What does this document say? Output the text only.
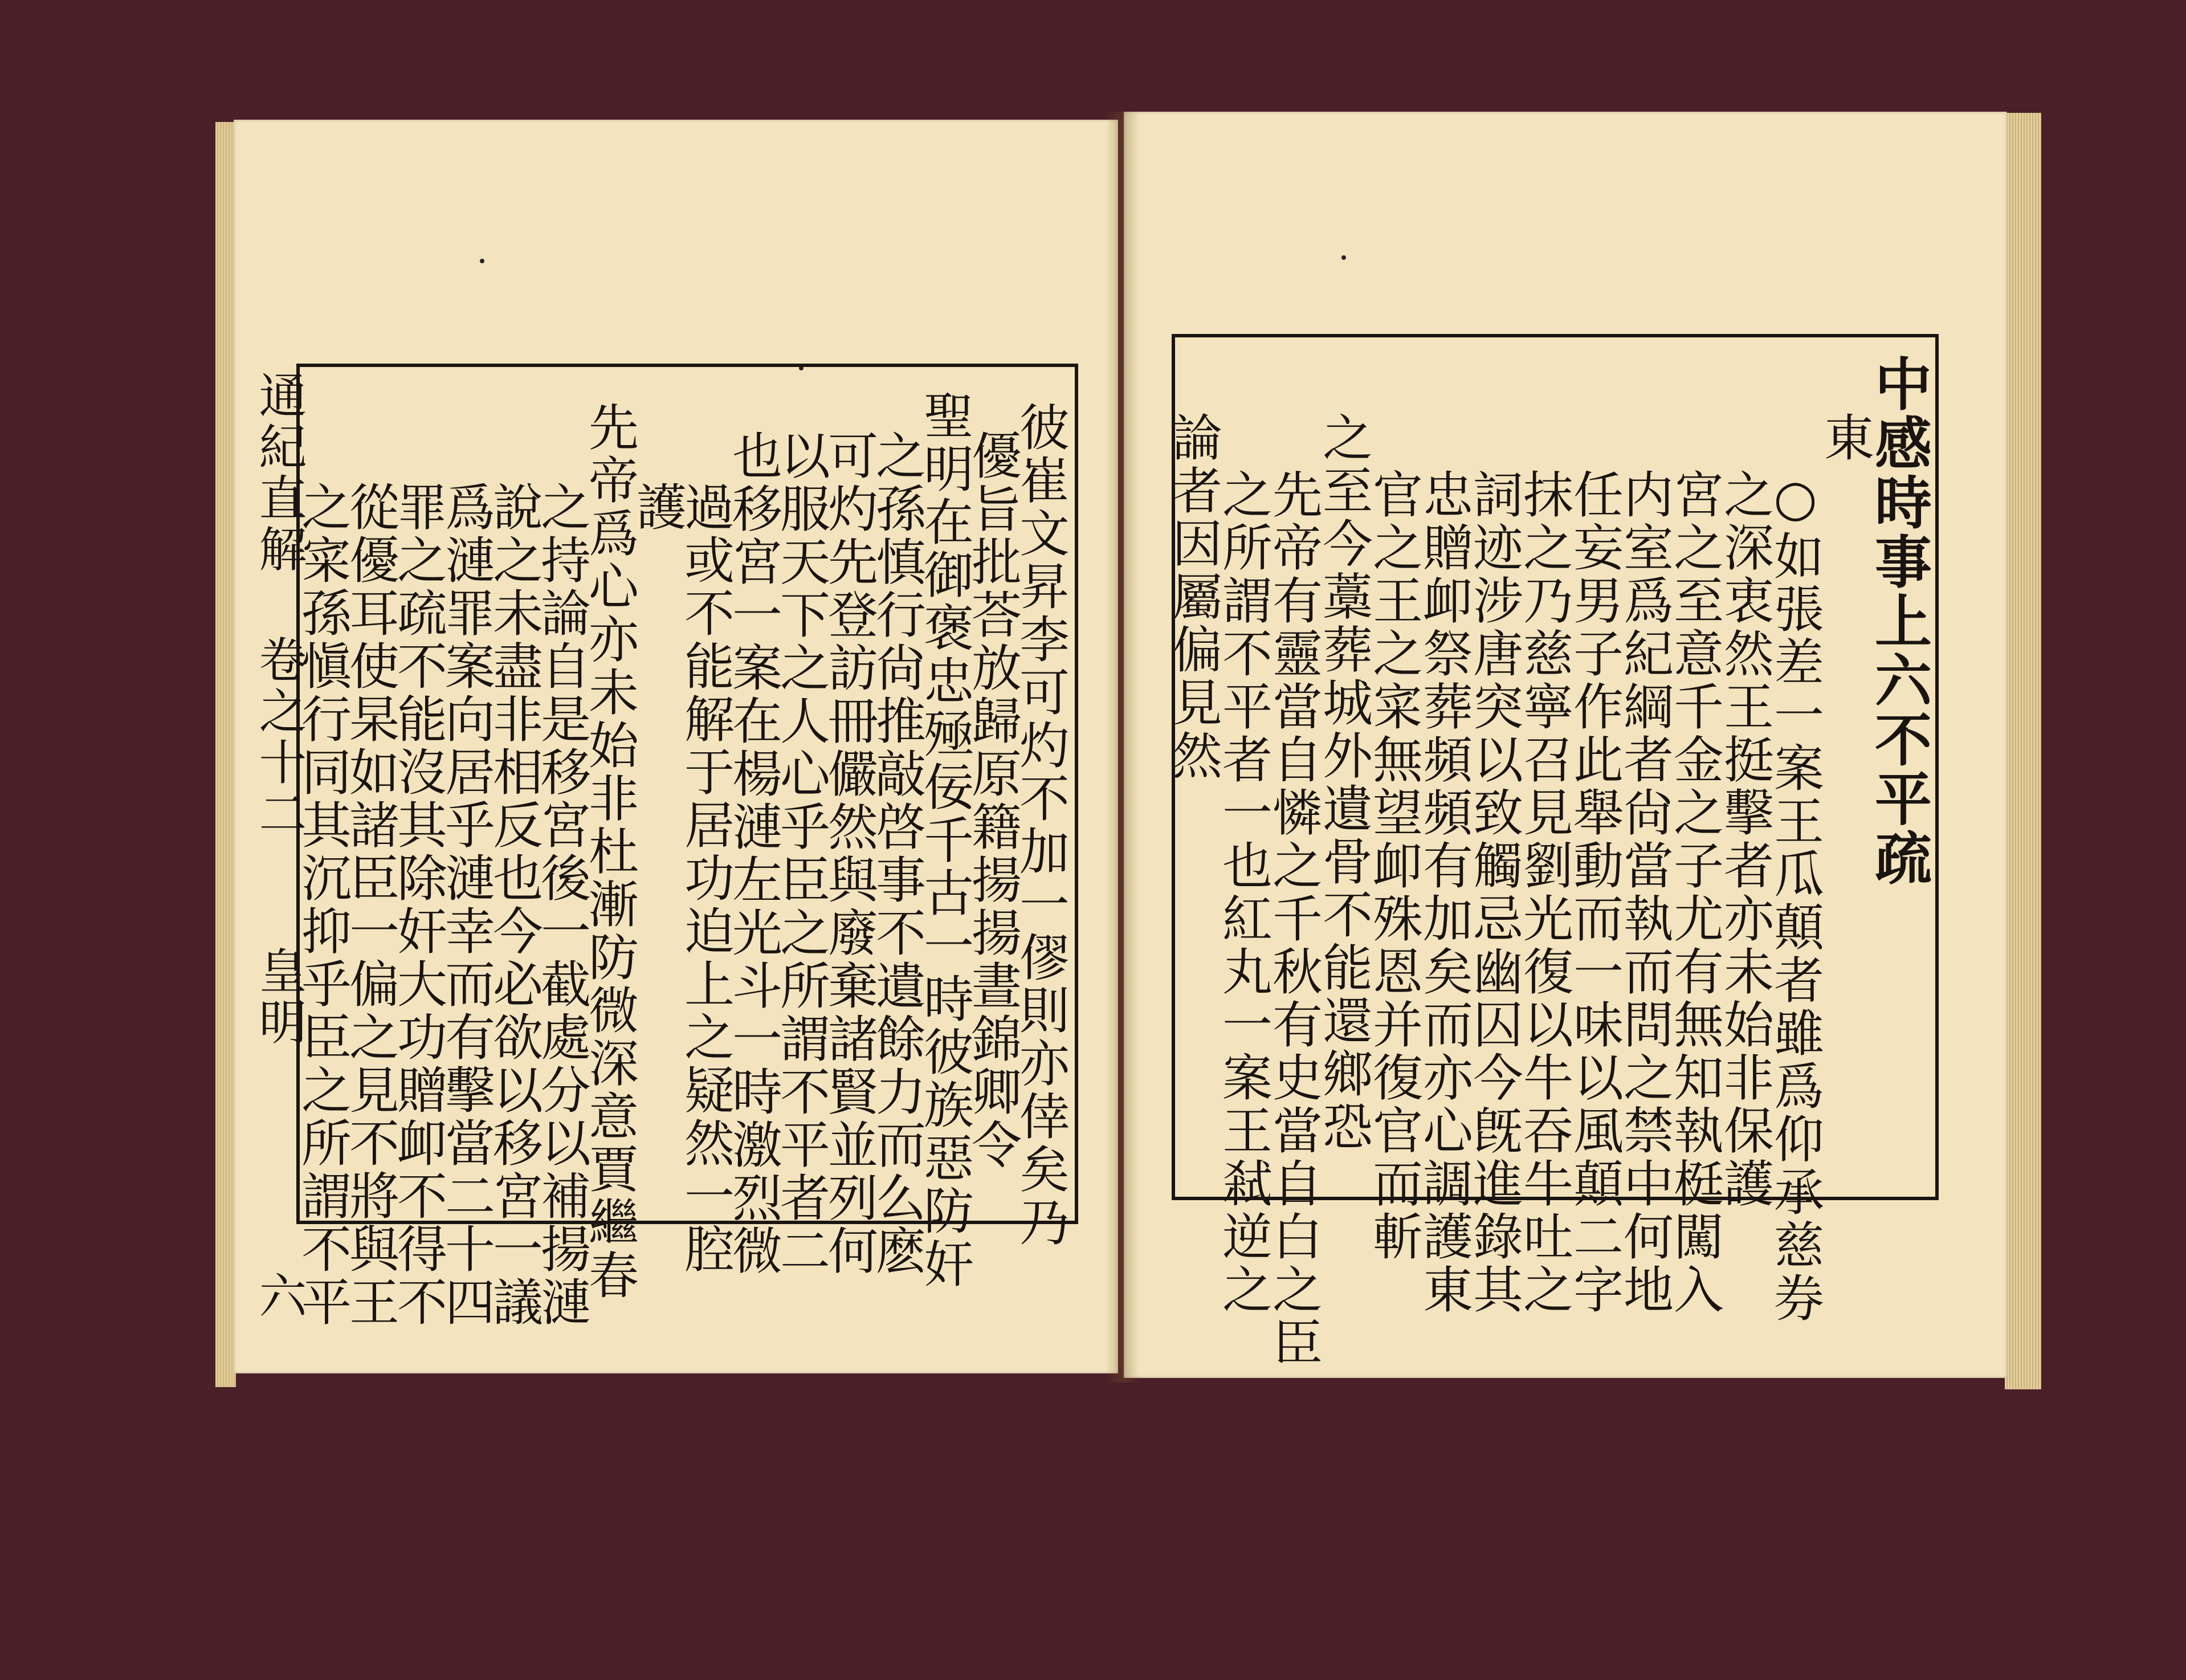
通紀直解 卷之十二
皇明
六
彼崔文昇李可灼不加一僇則亦倖矣乃
優旨批荅放歸原籍揚揚晝錦卿令
聖明在御褒忠殛佞千古一時彼族惡防奸
之孫慎行尙推敲啓事不遺餘力而么麽
可灼先登訪冊儼然與廢棄諸賢並列何
以服天下之人心乎臣之所謂不平者二
也移宮一案在楊漣左光斗一時激烈微
過或不能解于居功迫上之疑然一腔
護
先帝爲心亦未始非杜漸防微深意賈繼春
之持論自是移宮後一截處分以補揚漣
說之未盡非相反也今必欲以移宮一議
爲漣罪案向居乎漣幸而有擊當二十四
罪之疏不能沒其除奸大功贈卹不得不
從優耳使杲如諸臣一偏之見不將與王
之寀孫愼行同其沉抑乎臣之所謂不平	中感時事上六不平疏
東
○如張差一案王瓜顛者雖爲仰承慈券
之深衷然王挺擊者亦未始非保護
宮之至意千金之子尤有無知執梃闖入
内室爲紀綱者尙當執而問之禁中何地
任妄男子作此舉動而一味以風顛二字
抹之乃慈寧召見劉光復以牛吞牛吐之
詞迹涉唐突以致觸忌幽囚今旣進錄其
忠贈卹祭葬頻頻有加矣而亦心調護東
官之王之寀無望卹殊恩并復官而斬
之至今藁葬城外遺骨不能還鄉恐
先帝有靈當自憐之千秋有史當自白之臣
之所謂不平者一也紅丸一案王弒逆之
論者因屬偏見然
